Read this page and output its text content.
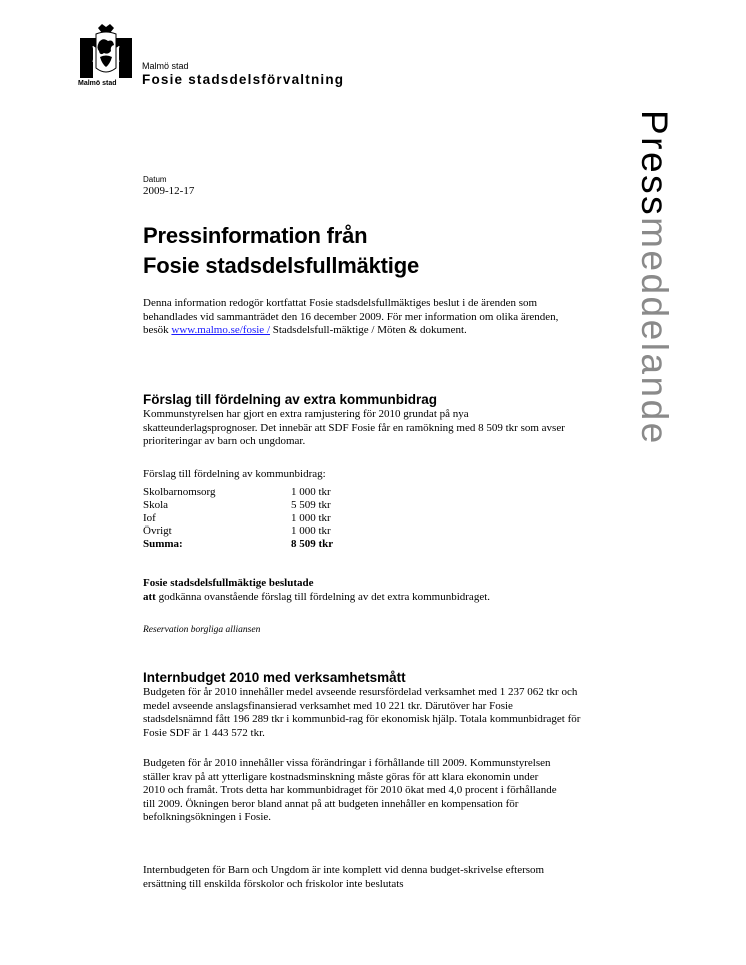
Malmö stad
Malmö stad
Fosie stadsdelsförvaltning
Pressmeddelande
Datum
2009-12-17
Pressinformation från
Fosie stadsdelsfullmäktige

Denna information redogör kortfattat Fosie stadsdelsfullmäktiges beslut i de ärenden som behandlades vid sammanträdet den 16 december 2009. För mer information om olika ärenden, besök www.malmo.se/fosie / Stadsdelsfull-mäktige / Möten & dokument.

Förslag till fördelning av extra kommunbidrag

Kommunstyrelsen har gjort en extra ramjustering för 2010 grundat på nya skatteunderlagsprognoser. Det innebär att SDF Fosie får en ramökning med 8 509 tkr som avser prioriteringar av barn och ungdomar.

Förslag till fördelning av kommunbidrag:

Skolbarnomsorg	1 000 tkr
Skola	5 509 tkr
Iof	1 000 tkr
Övrigt	1 000 tkr
Summa:	8 509 tkr
Fosie stadsdelsfullmäktige beslutade

att godkänna ovanstående förslag till fördelning av det extra kommunbidraget.

Reservation borgliga alliansen
Internbudget 2010 med verksamhetsmått

Budgeten för år 2010 innehåller medel avseende resursfördelad verksamhet med 1 237 062 tkr och medel avseende anslagsfinansierad verksamhet med 10 221 tkr. Därutöver har Fosie stadsdelsnämnd fått 196 289 tkr i kommunbid-rag för ekonomisk hjälp. Totala kommunbidraget för Fosie SDF är 1 443 572 tkr.

Budgeten för år 2010 innehåller vissa förändringar i förhållande till 2009. Kommunstyrelsen ställer krav på att ytterligare kostnadsminskning måste göras för att klara ekonomin under 2010 och framåt. Trots detta har kommunbidraget för 2010 ökat med 4,0 procent i förhållande till 2009. Ökningen beror bland annat på att budgeten innehåller en kompensation för befolkningsökningen i Fosie.

Internbudgeten för Barn och Ungdom är inte komplett vid denna budget-skrivelse eftersom ersättning till enskilda förskolor och friskolor inte beslutats
